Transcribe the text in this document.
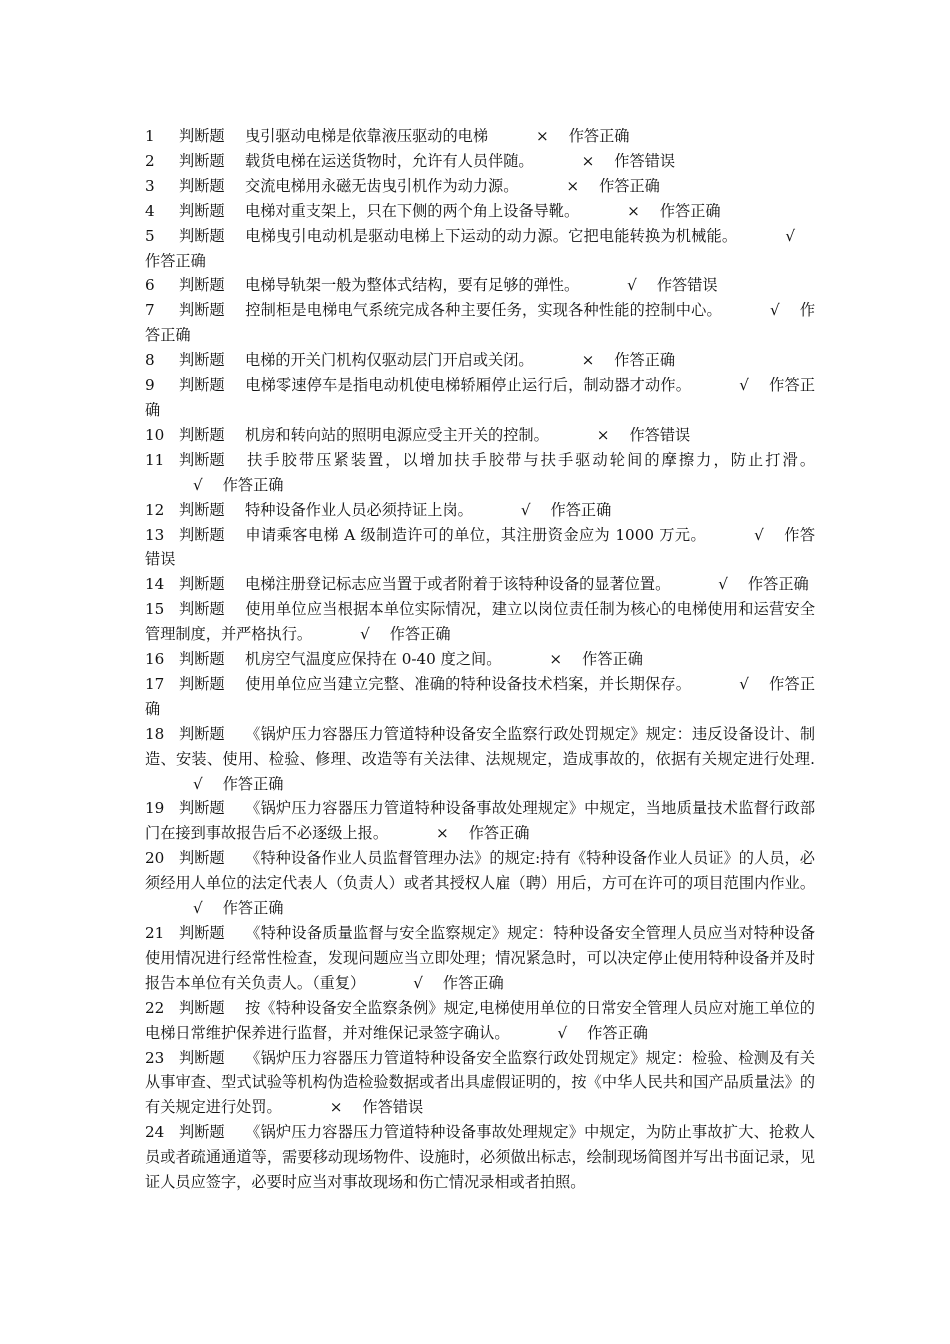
1 判断题 曳引驱动电梯是依靠液压驱动的电梯	× 作答正确

2 判断题 载货电梯在运送货物时，允许有人员伴随。	× 作答错误

3 判断题 交流电梯用永磁无齿曳引机作为动力源。	× 作答正确

4 判断题 电梯对重支架上，只在下侧的两个角上设备导靴。	× 作答正确

5 判断题 电梯曳引电动机是驱动电梯上下运动的动力源。它把电能转换为机械能。	√作答正确

6 判断题 电梯导轨架一般为整体式结构，要有足够的弹性。	√ 作答错误

7 判断题 控制柜是电梯电气系统完成各种主要任务，实现各种性能的控制中心。	√ 作答正确

8 判断题 电梯的开关门机构仅驱动层门开启或关闭。	× 作答正确

9 判断题 电梯零速停车是指电动机使电梯轿厢停止运行后，制动器才动作。	√ 作答正确

10 判断题 机房和转向站的照明电源应受主开关的控制。	× 作答错误

11 判断题 扶手胶带压紧装置，以增加扶手胶带与扶手驱动轮间的摩擦力，防止打滑。√ 作答正确

12 判断题 特种设备作业人员必须持证上岗。	√ 作答正确

13 判断题 申请乘客电梯 A 级制造许可的单位，其注册资金应为 1000 万元。	√ 作答错误

14 判断题 电梯注册登记标志应当置于或者附着于该特种设备的显著位置。	√ 作答正确

15 判断题 使用单位应当根据本单位实际情况，建立以岗位责任制为核心的电梯使用和运营安全管理制度，并严格执行。	√ 作答正确

16 判断题 机房空气温度应保持在 0-40 度之间。	× 作答正确

17 判断题 使用单位应当建立完整、准确的特种设备技术档案，并长期保存。	√ 作答正确

18 判断题 《锅炉压力容器压力管道特种设备安全监察行政处罚规定》规定：违反设备设计、制造、安装、使用、检验、修理、改造等有关法律、法规规定，造成事故的，依据有关规定进行处理.√ 作答正确

19 判断题 《锅炉压力容器压力管道特种设备事故处理规定》中规定，当地质量技术监督行政部门在接到事故报告后不必逐级上报。	× 作答正确

20 判断题 《特种设备作业人员监督管理办法》的规定:持有《特种设备作业人员证》的人员，必须经用人单位的法定代表人（负责人）或者其授权人雇（聘）用后，方可在许可的项目范围内作业。√ 作答正确

21 判断题 《特种设备质量监督与安全监察规定》规定：特种设备安全管理人员应当对特种设备使用情况进行经常性检查，发现问题应当立即处理；情况紧急时，可以决定停止使用特种设备并及时报告本单位有关负责人。（重复）	√ 作答正确

22 判断题 按《特种设备安全监察条例》规定,电梯使用单位的日常安全管理人员应对施工单位的电梯日常维护保养进行监督，并对维保记录签字确认。	√ 作答正确

23 判断题 《锅炉压力容器压力管道特种设备安全监察行政处罚规定》规定：检验、检测及有关从事审查、型式试验等机构伪造检验数据或者出具虚假证明的，按《中华人民共和国产品质量法》的有关规定进行处罚。	× 作答错误

24 判断题 《锅炉压力容器压力管道特种设备事故处理规定》中规定，为防止事故扩大、抢救人员或者疏通通道等，需要移动现场物件、设施时，必须做出标志，绘制现场简图并写出书面记录，见证人员应签字，必要时应当对事故现场和伤亡情况录相或者拍照。
